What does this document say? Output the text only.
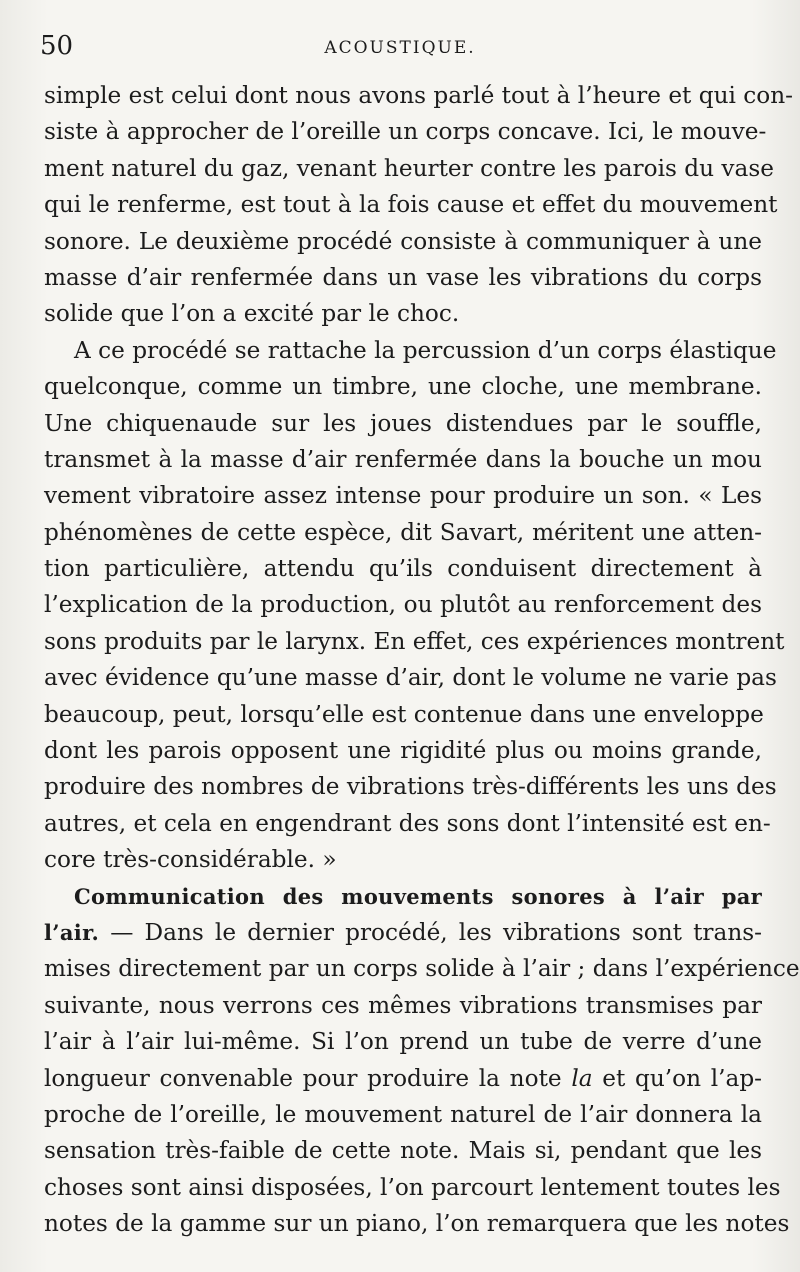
50	ACOUSTIQUE.
simple est celui dont nous avons parlé tout à l’heure et qui con-
siste à approcher de l’oreille un corps concave. Ici, le mouve-
ment naturel du gaz, venant heurter contre les parois du vase
qui le renferme, est tout à la fois cause et effet du mouvement
sonore. Le deuxième procédé consiste à communiquer à une
masse d’air renfermée dans un vase les vibrations du corps
solide que l’on a excité par le choc.
A ce procédé se rattache la percussion d’un corps élastique
quelconque, comme un timbre, une cloche, une membrane.
Une chiquenaude sur les joues distendues par le souffle,
transmet à la masse d’air renfermée dans la bouche un mou
vement vibratoire assez intense pour produire un son. « Les
phénomènes de cette espèce, dit Savart, méritent une atten-
tion particulière, attendu qu’ils conduisent directement à
l’explication de la production, ou plutôt au renforcement des
sons produits par le larynx. En effet, ces expériences montrent
avec évidence qu’une masse d’air, dont le volume ne varie pas
beaucoup, peut, lorsqu’elle est contenue dans une enveloppe
dont les parois opposent une rigidité plus ou moins grande,
produire des nombres de vibrations très-différents les uns des
autres, et cela en engendrant des sons dont l’intensité est en-
core très-considérable. »
Communication des mouvements sonores à l’air par
l’air. — Dans le dernier procédé, les vibrations sont trans-
mises directement par un corps solide à l’air ; dans l’expérience
suivante, nous verrons ces mêmes vibrations transmises par
l’air à l’air lui-même. Si l’on prend un tube de verre d’une
longueur convenable pour produire la note la et qu’on l’ap-
proche de l’oreille, le mouvement naturel de l’air donnera la
sensation très-faible de cette note. Mais si, pendant que les
choses sont ainsi disposées, l’on parcourt lentement toutes les
notes de la gamme sur un piano, l’on remarquera que les notes
